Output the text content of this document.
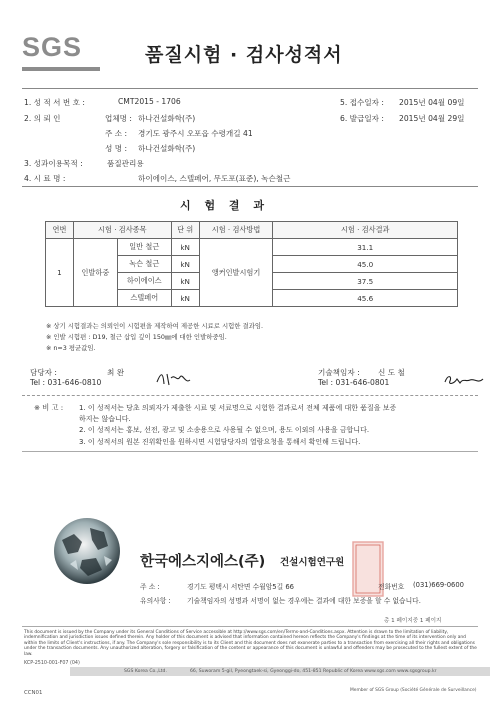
SGS	품질시험 · 검사성적서
1. 성 적 서 번 호 :	CMT2015 - 1706	5. 접수일자 : 2015년 04월 09일
2. 의 뢰 인	업체명 : 하나건설화학(주)	6. 발급일자 : 2015년 04월 29일
주 소 : 경기도 광주시 오포읍 수령개길 41
성 명 : 하나건설화학(주)
3. 성과이용목적 :	품질관리용
4. 시 료 명 :	하이에이스, 스텔페어, 무도포(표준), 녹슨철근
시 험 결 과
연번	시험 · 검사종목		단 위	시험 · 검사방법	시험 · 검사결과
1	인발하중	일반 철근	kN	앵커인발시험기	31.1
		녹슨 철근	kN		45.0
		하이에이스	kN		37.5
		스텔페어	kN		45.6
※ 상기 시험결과는 의뢰인이 시험편을 제작하여 제공한 시료로 시험한 결과임.
※ 인발 시험편 : D19, 철근 삽입 깊이 150㎜에 대한 인발하중임.
※ n=3 평균값임.
담당자 :	최 완
Tel : 031-646-0810
기술책임자 : 신 도 철
Tel : 031-646-0801
※ 비 고 : 1. 이 성적서는 당초 의뢰자가 제출한 시료 및 서료명으로 시험한 결과로서 전체 제품에 대한 품질을 보증
하지는 않습니다.
2. 이 성적서는 홍보, 선전, 광고 및 소송용으로 사용될 수 없으며, 용도 이외의 사용을 금합니다.
3. 이 성적서의 원본 진위확인을 원하시면 시험담당자의 열람요청을 통해서 확인해 드립니다.
한국에스지에스(주) 건설시험연구원
주 소 :	경기도 평택시 서탄면 수월암5길 66	전화번호 (031)669-0600
유의사항 : 기술책임자의 성명과 서명이 없는 경우에는 결과에 대한 보증을 할 수 없습니다.
총 1 페이지중 1 페이지
This document is issued by the Company under its General Conditions of Service accessible at http://www.sgs.com/en/Terms-and-Conditions.aspx. Attention is drawn to the limitation of liability, indemnification and jurisdiction issues defined therein. Any holder of this document is advised that information contained hereon reflects the Company's findings at the time of its intervention only and within the limits of Client's instructions, if any. The Company's sole responsibility is to its Client and this document does not exonerate parties to a transaction from exercising all their rights and obligations under the transaction documents. Any unauthorized alteration, forgery or falsification of the content or appearance of this document is unlawful and offenders may be prosecuted to the fullest extent of the law.
KCP-2510-001-F07 (04)
SGS Korea Co.,Ltd.	66, Suworam 5-gil, Pyeongtaek-si, Gyeonggi-do, 451-851 Republic of Korea www.sgs.com www.sgsgroup.kr
Member of SGS Group (Société Générale de Surveillance)
CCN01
